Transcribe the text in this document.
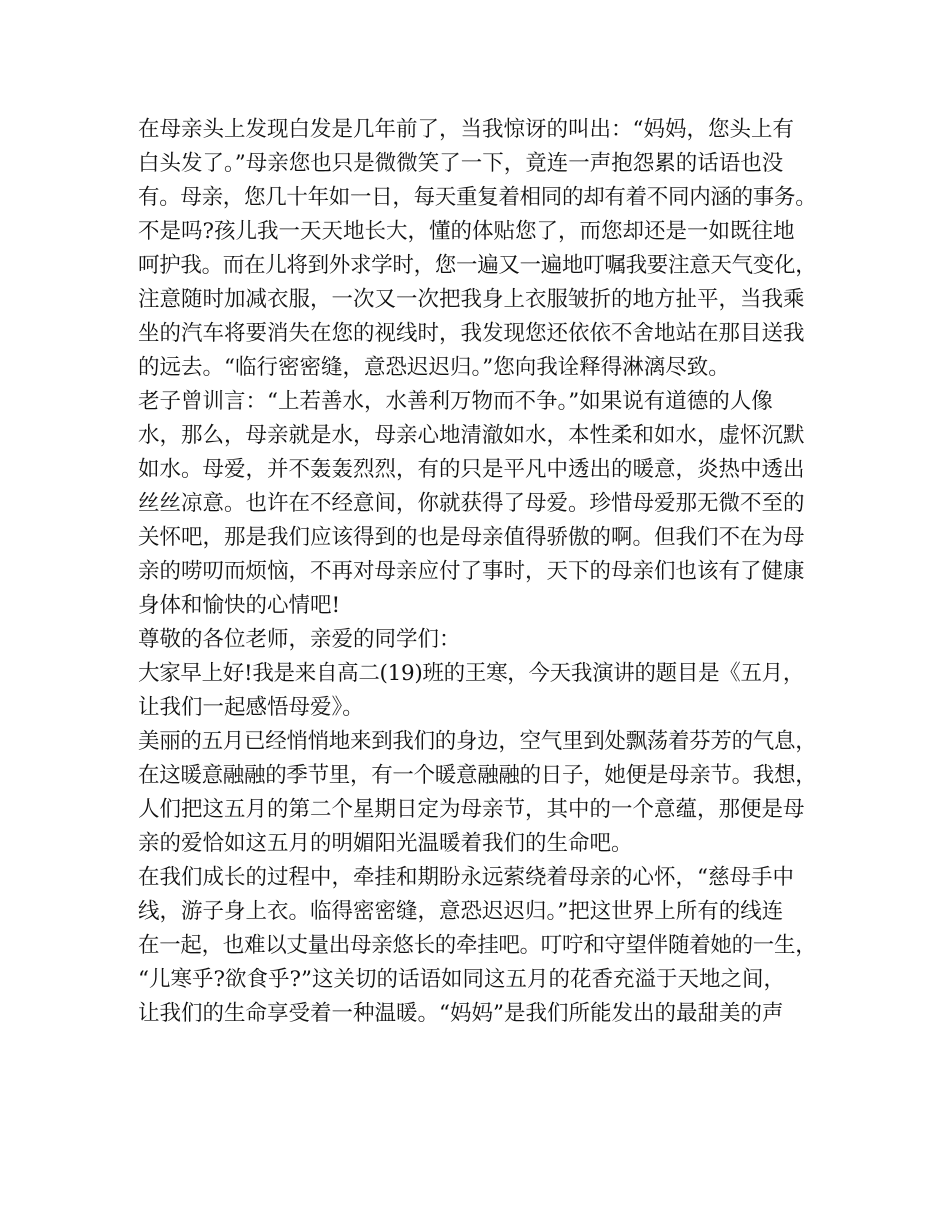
在母亲头上发现白发是几年前了，当我惊讶的叫出：“妈妈，您头上有
白头发了。”母亲您也只是微微笑了一下，竟连一声抱怨累的话语也没
有。母亲，您几十年如一日，每天重复着相同的却有着不同内涵的事务。
不是吗?孩儿我一天天地长大，懂的体贴您了，而您却还是一如既往地
呵护我。而在儿将到外求学时，您一遍又一遍地叮嘱我要注意天气变化，
注意随时加减衣服，一次又一次把我身上衣服皱折的地方扯平，当我乘
坐的汽车将要消失在您的视线时，我发现您还依依不舍地站在那目送我
的远去。“临行密密缝，意恐迟迟归。”您向我诠释得淋漓尽致。
老子曾训言：“上若善水，水善利万物而不争。”如果说有道德的人像
水，那么，母亲就是水，母亲心地清澈如水，本性柔和如水，虚怀沉默
如水。母爱，并不轰轰烈烈，有的只是平凡中透出的暖意，炎热中透出
丝丝凉意。也许在不经意间，你就获得了母爱。珍惜母爱那无微不至的
关怀吧，那是我们应该得到的也是母亲值得骄傲的啊。但我们不在为母
亲的唠叨而烦恼，不再对母亲应付了事时，天下的母亲们也该有了健康
身体和愉快的心情吧!
尊敬的各位老师，亲爱的同学们：
大家早上好!我是来自高二(19)班的王寒，今天我演讲的题目是《五月，
让我们一起感悟母爱》。
美丽的五月已经悄悄地来到我们的身边，空气里到处飘荡着芬芳的气息，
在这暖意融融的季节里，有一个暖意融融的日子，她便是母亲节。我想，
人们把这五月的第二个星期日定为母亲节，其中的一个意蕴，那便是母
亲的爱恰如这五月的明媚阳光温暖着我们的生命吧。
在我们成长的过程中，牵挂和期盼永远萦绕着母亲的心怀，“慈母手中
线，游子身上衣。临得密密缝，意恐迟迟归。”把这世界上所有的线连
在一起，也难以丈量出母亲悠长的牵挂吧。叮咛和守望伴随着她的一生，
“儿寒乎?欲食乎?”这关切的话语如同这五月的花香充溢于天地之间，
让我们的生命享受着一种温暖。“妈妈”是我们所能发出的最甜美的声
